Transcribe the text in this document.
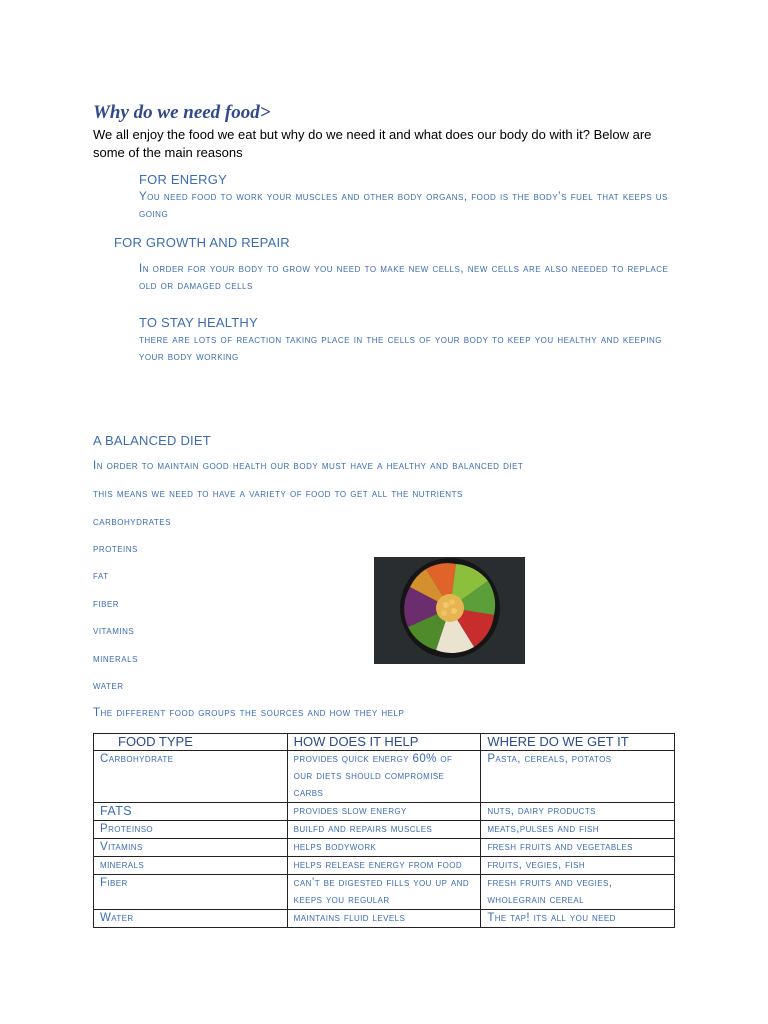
Why do we need food>
We all enjoy the food we eat but why do we need it and what does our body do with it? Below are some of the main reasons
FOR ENERGY
You need food to work your muscles and other body organs, food is the body’s fuel that keeps us going
FOR GROWTH AND REPAIR
In order for your body to grow you need to make new cells, new cells are also needed to replace old or damaged cells
TO STAY HEALTHY
there are lots of reaction taking place in the cells of your body to keep you healthy and keeping your body working
A BALANCED DIET
In order to maintain good health our body must have a healthy and balanced diet
this means we need to have a variety of food to get all the nutrients
carbohydrates
proteins
fat
fiber
vitamins
minerals
water
The different food groups the sources and how they help
FOOD TYPE	HOW DOES IT HELP	WHERE DO WE GET IT
Carbohydrate	provides quick energy 60% of our diets should compromise carbs	Pasta, cereals, potatos
FATS	provides slow energy	nuts, dairy products
Proteinso	builfd and repairs muscles	meats,pulses and fish
Vitamins	helps bodywork	fresh fruits and vegetables
minerals	helps release energy from food	fruits, vegies, fish
Fiber	can’t be digested fills you up and keeps you regular	fresh fruits and vegies, wholegrain cereal
Water	maintains fluid levels	The tap! its all you need
